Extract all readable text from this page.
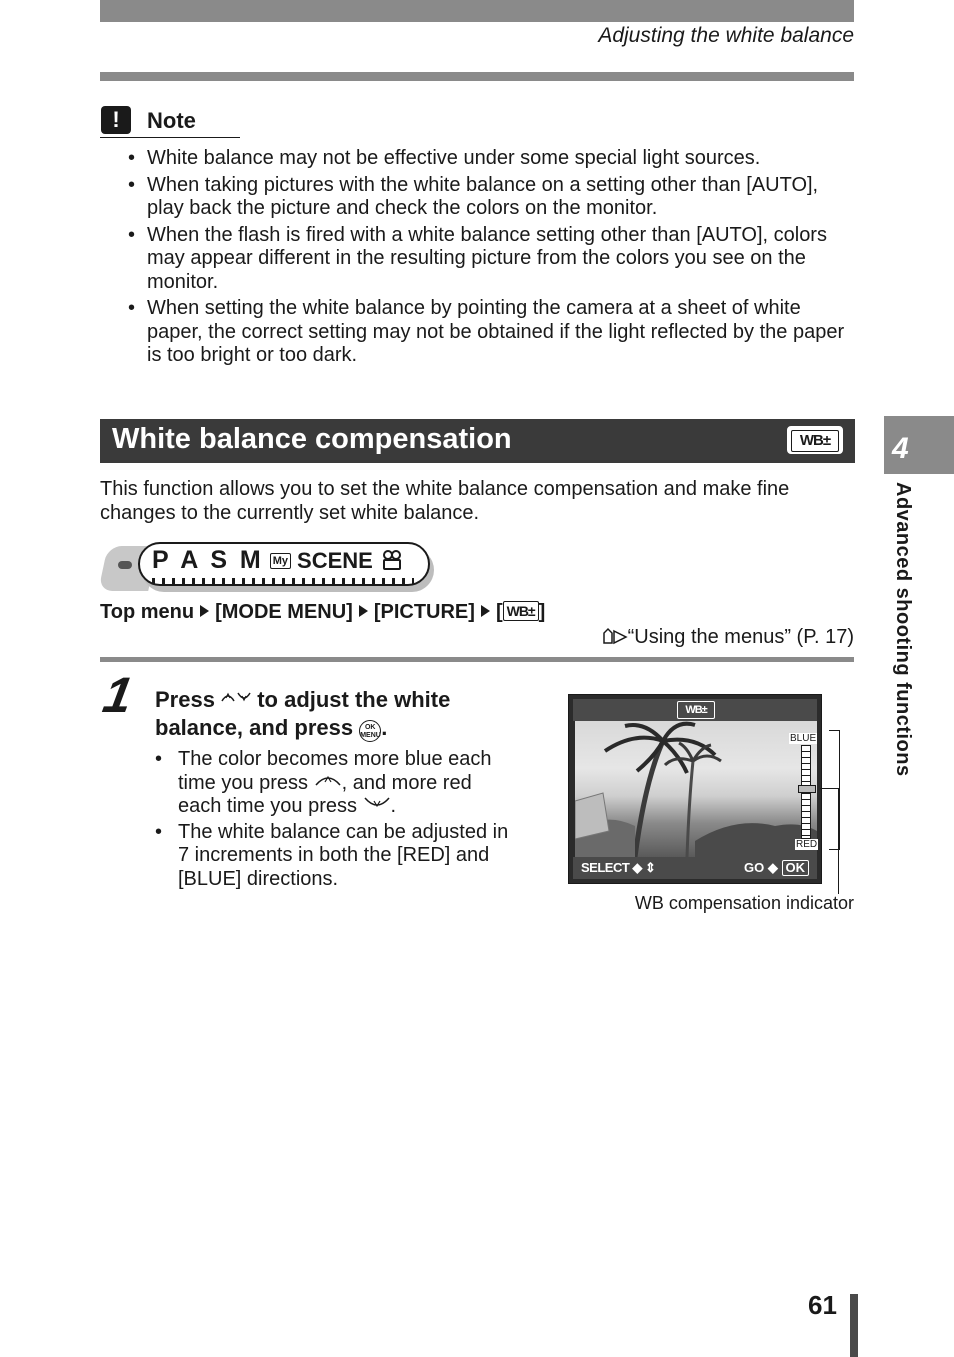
Adjusting the white balance
!	Note
• White balance may not be effective under some special light sources.
• When taking pictures with the white balance on a setting other than [AUTO], play back the picture and check the colors on the monitor.
• When the flash is fired with a white balance setting other than [AUTO], colors may appear different in the resulting picture from the colors you see on the monitor.
• When setting the white balance by pointing the camera at a sheet of white paper, the correct setting may not be obtained if the light reflected by the paper is too bright or too dark.
White balance compensation	WB±
This function allows you to set the white balance compensation and make fine changes to the currently set white balance.
P A S M My SCENE
Top menu [MODE MENU] [PICTURE] [ WB± ]
“Using the menus” (P. 17)
1 Press to adjust the white balance, and press OK
MENU.
• The color becomes more blue each time you press , and more red each time you press .
• The white balance can be adjusted in 7 increments in both the [RED] and [BLUE] directions.
WB±
BLUE
RED
SELECT ◆ ⇕	GO ◆ OK
WB compensation indicator
4
Advanced shooting functions
61
